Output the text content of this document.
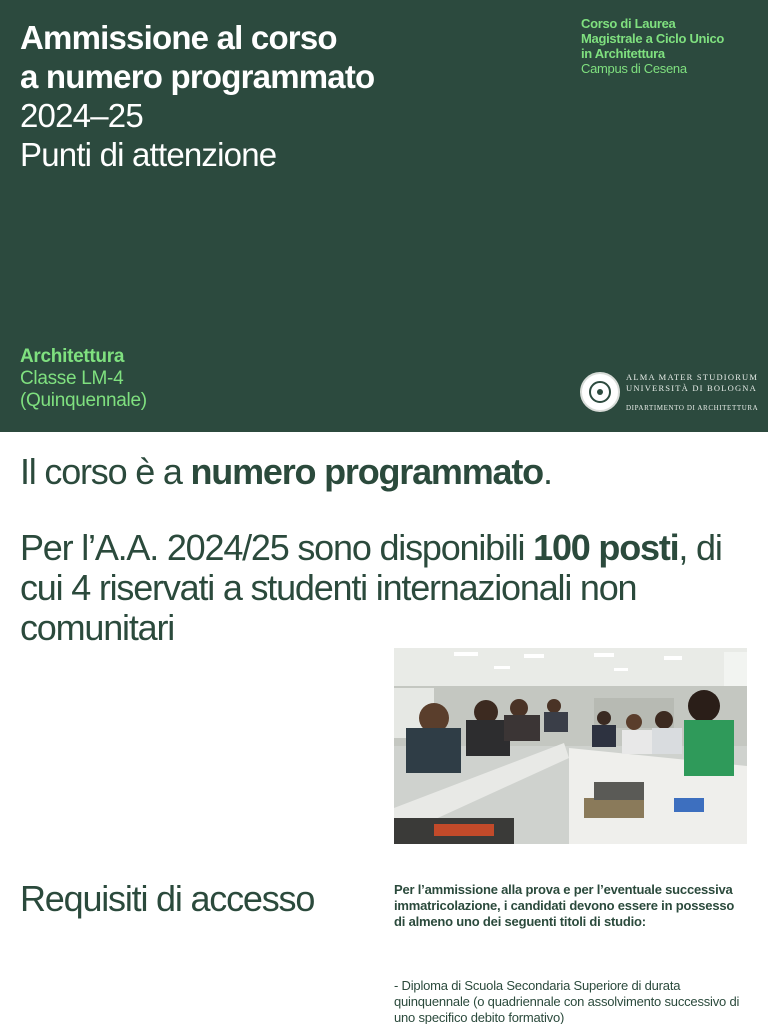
Ammissione al corso
a numero programmato
2024–25
Punti di attenzione
Corso di Laurea
Magistrale a Ciclo Unico
in Architettura
Campus di Cesena
Architettura
Classe LM-4
(Quinquennale)
ALMA MATER STUDIORUM
UNIVERSITÀ DI BOLOGNA
DIPARTIMENTO DI ARCHITETTURA
Il corso è a numero programmato.
Per l’A.A. 2024/25 sono disponibili 100 posti, di cui 4 riservati a studenti internazionali non comunitari
Requisiti di accesso	Per l’ammissione alla prova e per l’eventuale successiva immatricolazione, i candidati devono essere in possesso di almeno uno dei seguenti titoli di studio:
- Diploma di Scuola Secondaria Superiore di durata quinquennale (o quadriennale con assolvimento successivo di uno specifico debito formativo)
